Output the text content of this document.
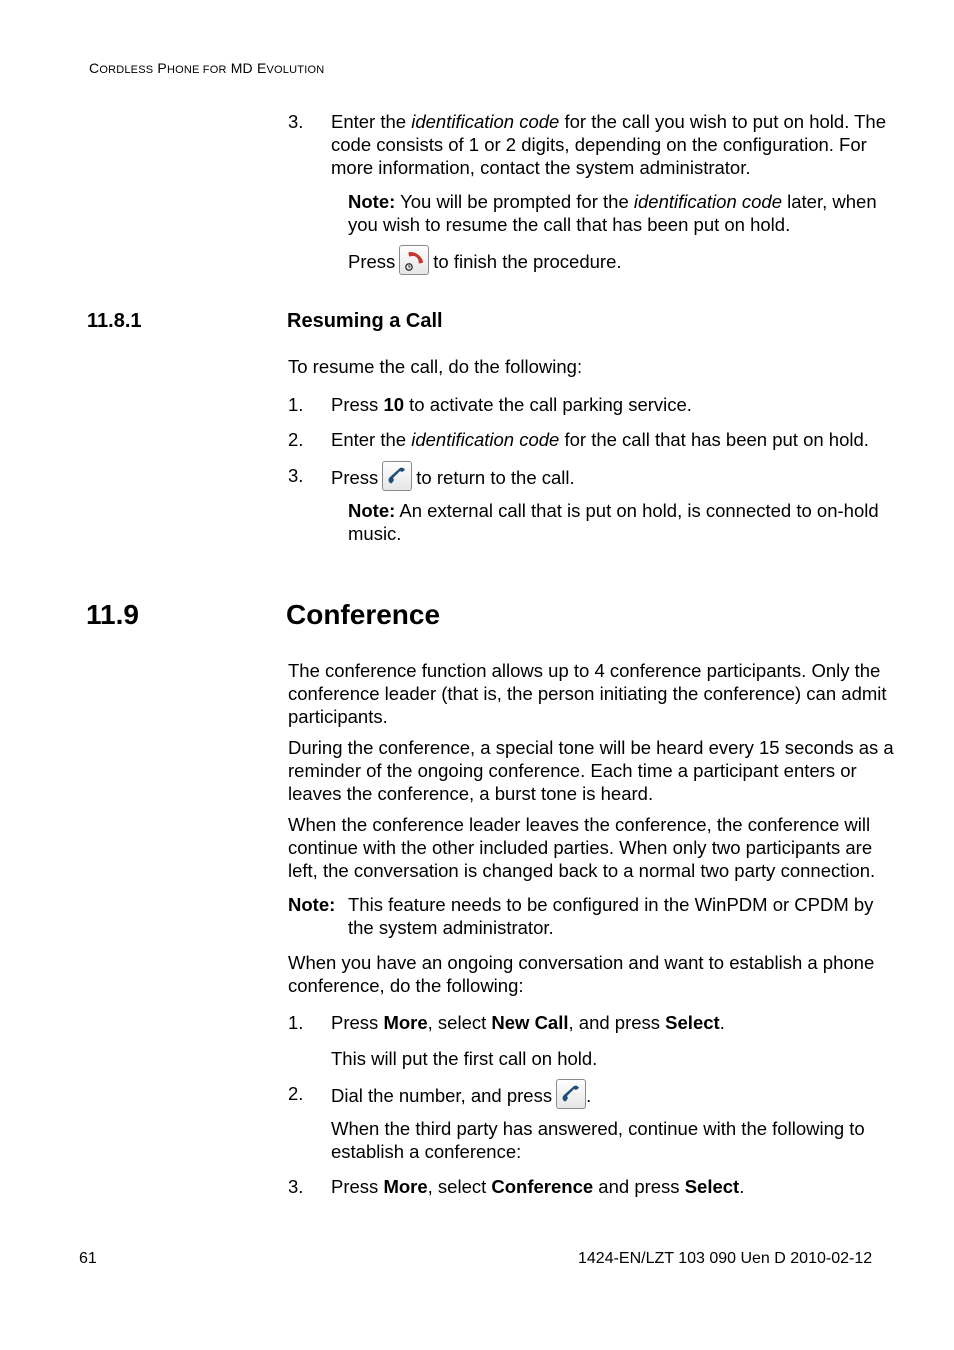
CORDLESS PHONE FOR MD EVOLUTION
3. Enter the identification code for the call you wish to put on hold. The code consists of 1 or 2 digits, depending on the configuration. For more information, contact the system administrator.
Note: You will be prompted for the identification code later, when you wish to resume the call that has been put on hold.
Press to finish the procedure.
11.8.1	Resuming a Call
To resume the call, do the following:
1. Press 10 to activate the call parking service.
2. Enter the identification code for the call that has been put on hold.
3. Press to return to the call.
Note: An external call that is put on hold, is connected to on-hold music.
11.9	Conference
The conference function allows up to 4 conference participants. Only the conference leader (that is, the person initiating the conference) can admit participants.
During the conference, a special tone will be heard every 15 seconds as a reminder of the ongoing conference. Each time a participant enters or leaves the conference, a burst tone is heard.
When the conference leader leaves the conference, the conference will continue with the other included parties. When only two participants are left, the conversation is changed back to a normal two party connection.
Note: This feature needs to be configured in the WinPDM or CPDM by the system administrator.
When you have an ongoing conversation and want to establish a phone conference, do the following:
1. Press More, select New Call, and press Select.
This will put the first call on hold.
2. Dial the number, and press .
When the third party has answered, continue with the following to establish a conference:
3. Press More, select Conference and press Select.
61	1424-EN/LZT 103 090 Uen D 2010-02-12
